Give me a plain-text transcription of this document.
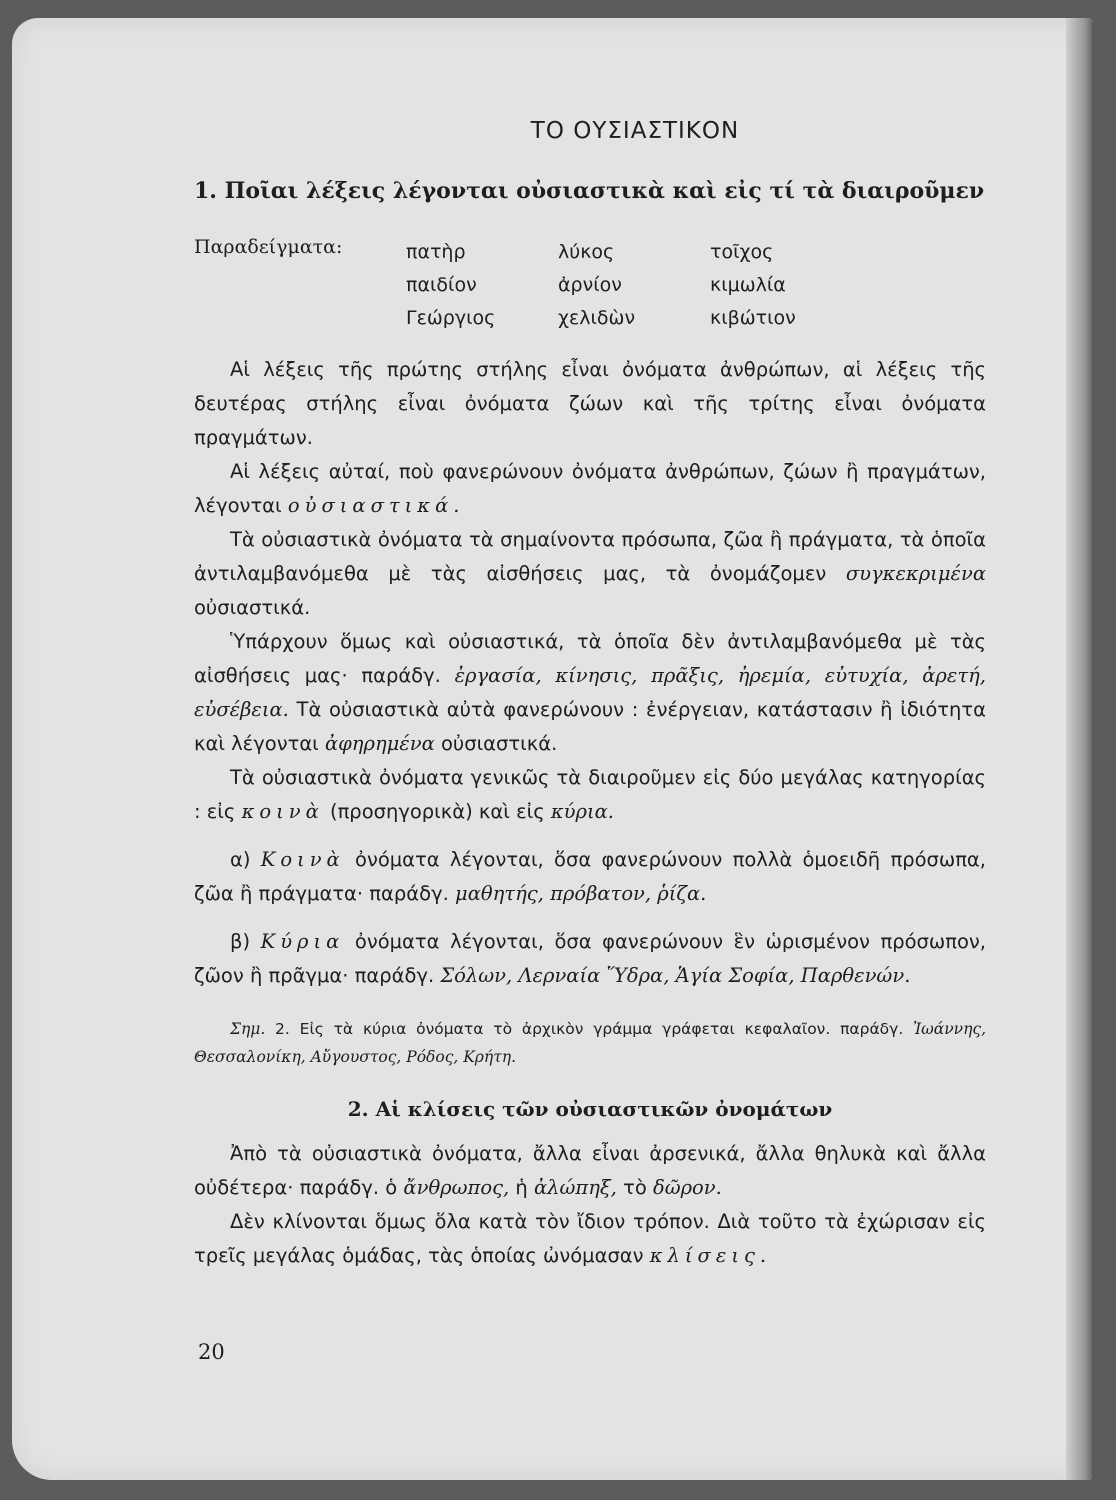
ΤΟ ΟΥΣΙΑΣΤΙΚΟΝ
1. Ποῖαι λέξεις λέγονται οὐσιαστικὰ καὶ εἰς τί τὰ διαιροῦμεν
Παραδείγματα:	πατὴρ
παιδίον
Γεώργιος
λύκος
ἀρνίον
χελιδὼν
τοῖχος
κιμωλία
κιβώτιον

Αἱ λέξεις τῆς πρώτης στήλης εἶναι ὀνόματα ἀνθρώπων, αἱ λέξεις τῆς δευτέρας στήλης εἶναι ὀνόματα ζώων καὶ τῆς τρίτης εἶναι ὀνόματα πραγμάτων.

Αἱ λέξεις αὐταί, ποὺ φανερώνουν ὀνόματα ἀνθρώπων, ζώων ἢ πραγμάτων, λέγονται οὐσιαστικά.

Τὰ οὐσιαστικὰ ὀνόματα τὰ σημαίνοντα πρόσωπα, ζῶα ἢ πράγματα, τὰ ὁποῖα ἀντιλαμβανόμεθα μὲ τὰς αἰσθήσεις μας, τὰ ὀνομάζομεν συγκεκριμένα οὐσιαστικά.

Ὑπάρχουν ὅμως καὶ οὐσιαστικά, τὰ ὁποῖα δὲν ἀντιλαμβανόμεθα μὲ τὰς αἰσθήσεις μας· παράδγ. ἐργασία, κίνησις, πρᾶξις, ἠρεμία, εὐτυχία, ἀρετή, εὐσέβεια. Τὰ οὐσιαστικὰ αὐτὰ φανερώνουν : ἐνέργειαν, κατάστασιν ἢ ἰδιότητα καὶ λέγονται ἀφηρημένα οὐσιαστικά.

Τὰ οὐσιαστικὰ ὀνόματα γενικῶς τὰ διαιροῦμεν εἰς δύο μεγάλας κατηγορίας : εἰς κοινὰ (προσηγορικὰ) καὶ εἰς κύρια.

α) Κοινὰ ὀνόματα λέγονται, ὅσα φανερώνουν πολλὰ ὁμοειδῆ πρόσωπα, ζῶα ἢ πράγματα· παράδγ. μαθητής, πρόβατον, ῥίζα.

β) Κύρια ὀνόματα λέγονται, ὅσα φανερώνουν ἓν ὡρισμένον πρόσωπον, ζῶον ἢ πρᾶγμα· παράδγ. Σόλων, Λερναία Ὕδρα, Ἁγία Σοφία, Παρθενών.

Σημ. 2. Εἰς τὰ κύρια ὀνόματα τὸ ἀρχικὸν γράμμα γράφεται κεφαλαῖον. παράδγ. Ἰωάννης, Θεσσαλονίκη, Αὔγουστος, Ρόδος, Κρήτη.

2. Αἱ κλίσεις τῶν οὐσιαστικῶν ὀνομάτων

Ἀπὸ τὰ οὐσιαστικὰ ὀνόματα, ἄλλα εἶναι ἀρσενικά, ἄλλα θηλυκὰ καὶ ἄλλα οὐδέτερα· παράδγ. ὁ ἄνθρωπος, ἡ ἀλώπηξ, τὸ δῶρον.

Δὲν κλίνονται ὅμως ὅλα κατὰ τὸν ἴδιον τρόπον. Διὰ τοῦτο τὰ ἐχώρισαν εἰς τρεῖς μεγάλας ὁμάδας, τὰς ὁποίας ὠνόμασαν κλίσεις.

20
